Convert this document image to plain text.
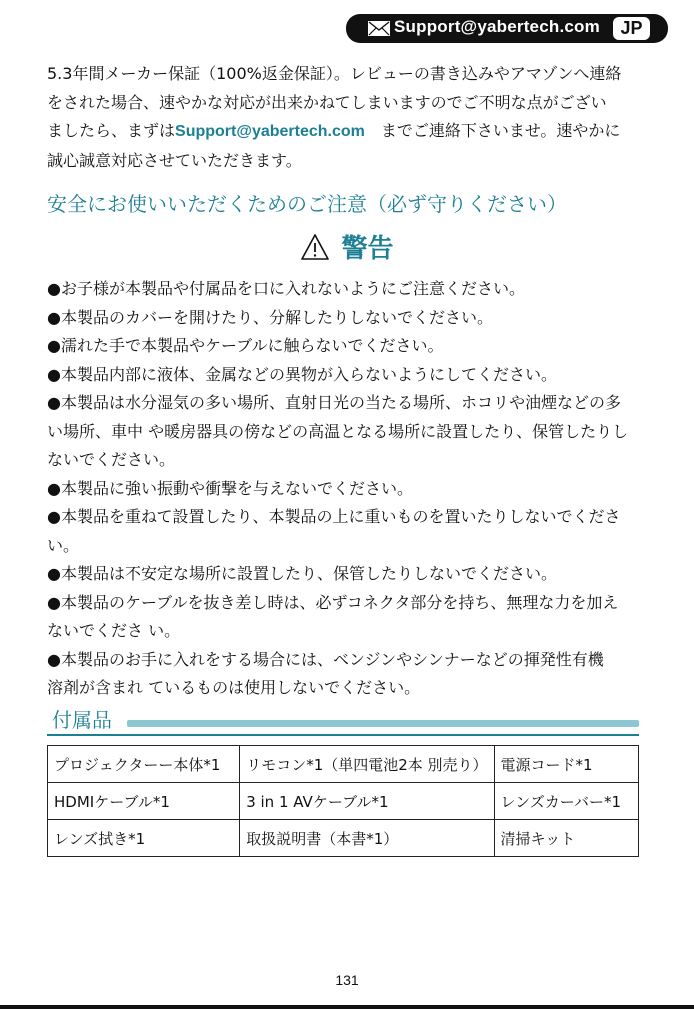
Support@yabertech.com	JP
5.3年間メーカー保証（100%返金保証）。レビューの書き込みやアマゾンへ連絡
をされた場合、速やかな対応が出来かねてしまいますのでご不明な点がござい
ましたら、まずはSupport@yabertech.com　までご連絡下さいませ。速やかに
誠心誠意対応させていただきます。
安全にお使いいただくためのご注意（必ず守りください）
警告
●お子様が本製品や付属品を口に入れないようにご注意ください。
●本製品のカバーを開けたり、分解したりしないでください。
●濡れた手で本製品やケーブルに触らないでください。
●本製品内部に液体、金属などの異物が入らないようにしてください。
●本製品は水分湿気の多い場所、直射日光の当たる場所、ホコリや油煙などの多
い場所、車中 や暖房器具の傍などの高温となる場所に設置したり、保管したりし
ないでください。
●本製品に強い振動や衝撃を与えないでください。
●本製品を重ねて設置したり、本製品の上に重いものを置いたりしないでくださ
い。
●本製品は不安定な場所に設置したり、保管したりしないでください。
●本製品のケーブルを抜き差し時は、必ずコネクタ部分を持ち、無理な力を加え
ないでくださ い。
●本製品のお手に入れをする場合には、ベンジンやシンナーなどの揮発性有機
溶剤が含まれ ているものは使用しないでください。
付属品
プロジェクターー本体*1	リモコン*1（単四電池2本 別売り）	電源コード*1
HDMIケーブル*1	3 in 1 AVケーブル*1	レンズカーバー*1
レンズ拭き*1	取扱説明書（本書*1）	清掃キット
131
